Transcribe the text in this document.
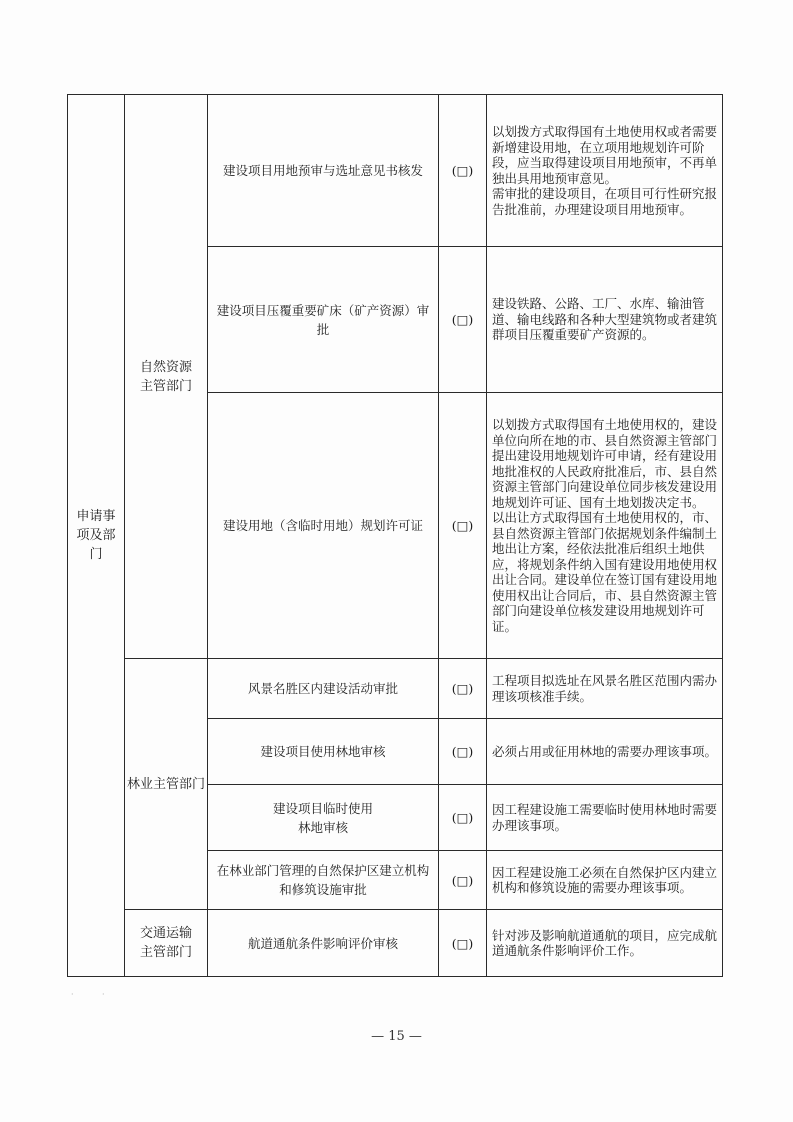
申请事项及部门	自然资源主管部门	建设项目用地预审与选址意见书核发	(□)	以划拨方式取得国有土地使用权或者需要新增建设用地，在立项用地规划许可阶段，应当取得建设项目用地预审，不再单独出具用地预审意见。
需审批的建设项目，在项目可行性研究报告批准前，办理建设项目用地预审。

		建设项目压覆重要矿床（矿产资源）审批	(□)	建设铁路、公路、工厂、水库、输油管道、输电线路和各种大型建筑物或者建筑群项目压覆重要矿产资源的。

		建设用地（含临时用地）规划许可证	(□)	以划拨方式取得国有土地使用权的，建设单位向所在地的市、县自然资源主管部门提出建设用地规划许可申请，经有建设用地批准权的人民政府批准后，市、县自然资源主管部门向建设单位同步核发建设用地规划许可证、国有土地划拨决定书。
以出让方式取得国有土地使用权的，市、县自然资源主管部门依据规划条件编制土地出让方案，经依法批准后组织土地供应，将规划条件纳入国有建设用地使用权出让合同。建设单位在签订国有建设用地使用权出让合同后，市、县自然资源主管部门向建设单位核发建设用地规划许可证。

	林业主管部门	风景名胜区内建设活动审批	(□)	工程项目拟选址在风景名胜区范围内需办理该项核准手续。

		建设项目使用林地审核	(□)	必须占用或征用林地的需要办理该事项。

		建设项目临时使用
林地审核	(□)	因工程建设施工需要临时使用林地时需要办理该事项。

		在林业部门管理的自然保护区建立机构和修筑设施审批	(□)	因工程建设施工必须在自然保护区内建立机构和修筑设施的需要办理该事项。

	交通运输主管部门	航道通航条件影响评价审核	(□)	针对涉及影响航道通航的项目，应完成航道通航条件影响评价工作。
·	·
— 15 —
